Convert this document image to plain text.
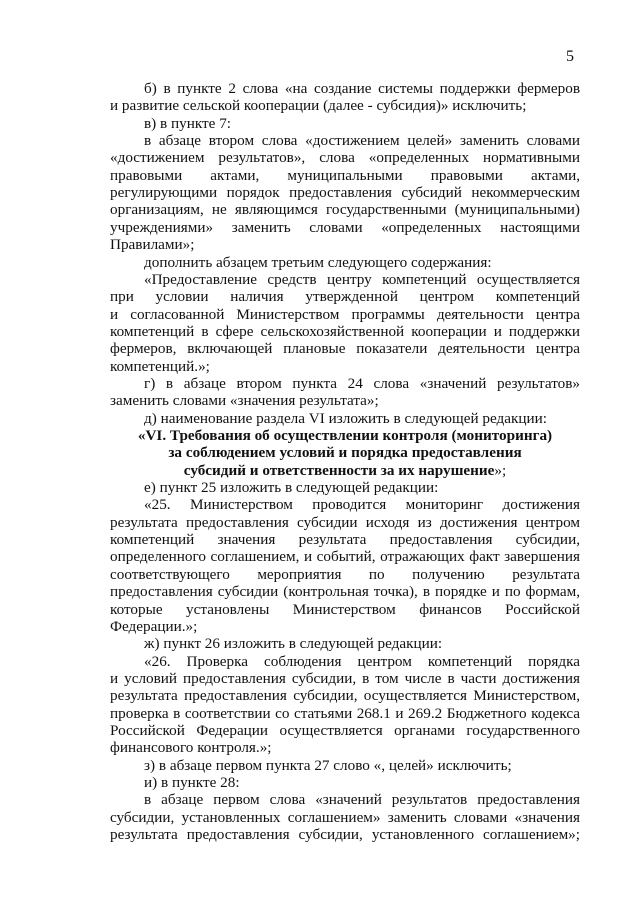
5
б) в пункте 2 слова «на создание системы поддержки фермеров
и развитие сельской кооперации (далее - субсидия)» исключить;
в) в пункте 7:
в абзаце втором слова «достижением целей» заменить словами
«достижением результатов», слова «определенных нормативными
правовыми актами, муниципальными правовыми актами,
регулирующими порядок предоставления субсидий некоммерческим
организациям, не являющимся государственными (муниципальными)
учреждениями» заменить словами «определенных настоящими
Правилами»;
дополнить абзацем третьим следующего содержания:
«Предоставление средств центру компетенций осуществляется
при условии наличия утвержденной центром компетенций
и согласованной Министерством программы деятельности центра
компетенций в сфере сельскохозяйственной кооперации и поддержки
фермеров, включающей плановые показатели деятельности центра
компетенций.»;
г) в абзаце втором пункта 24 слова «значений результатов»
заменить словами «значения результата»;
д) наименование раздела VI изложить в следующей редакции:
«VI. Требования об осуществлении контроля (мониторинга)
за соблюдением условий и порядка предоставления
субсидий и ответственности за их нарушение»;
е) пункт 25 изложить в следующей редакции:
«25. Министерством проводится мониторинг достижения
результата предоставления субсидии исходя из достижения центром
компетенций значения результата предоставления субсидии,
определенного соглашением, и событий, отражающих факт завершения
соответствующего мероприятия по получению результата
предоставления субсидии (контрольная точка), в порядке и по формам,
которые установлены Министерством финансов Российской
Федерации.»;
ж) пункт 26 изложить в следующей редакции:
«26. Проверка соблюдения центром компетенций порядка
и условий предоставления субсидии, в том числе в части достижения
результата предоставления субсидии, осуществляется Министерством,
проверка в соответствии со статьями 268.1 и 269.2 Бюджетного кодекса
Российской Федерации осуществляется органами государственного
финансового контроля.»;
з) в абзаце первом пункта 27 слово «, целей» исключить;
и) в пункте 28:
в абзаце первом слова «значений результатов предоставления
субсидии, установленных соглашением» заменить словами «значения
результата предоставления субсидии, установленного соглашением»;
